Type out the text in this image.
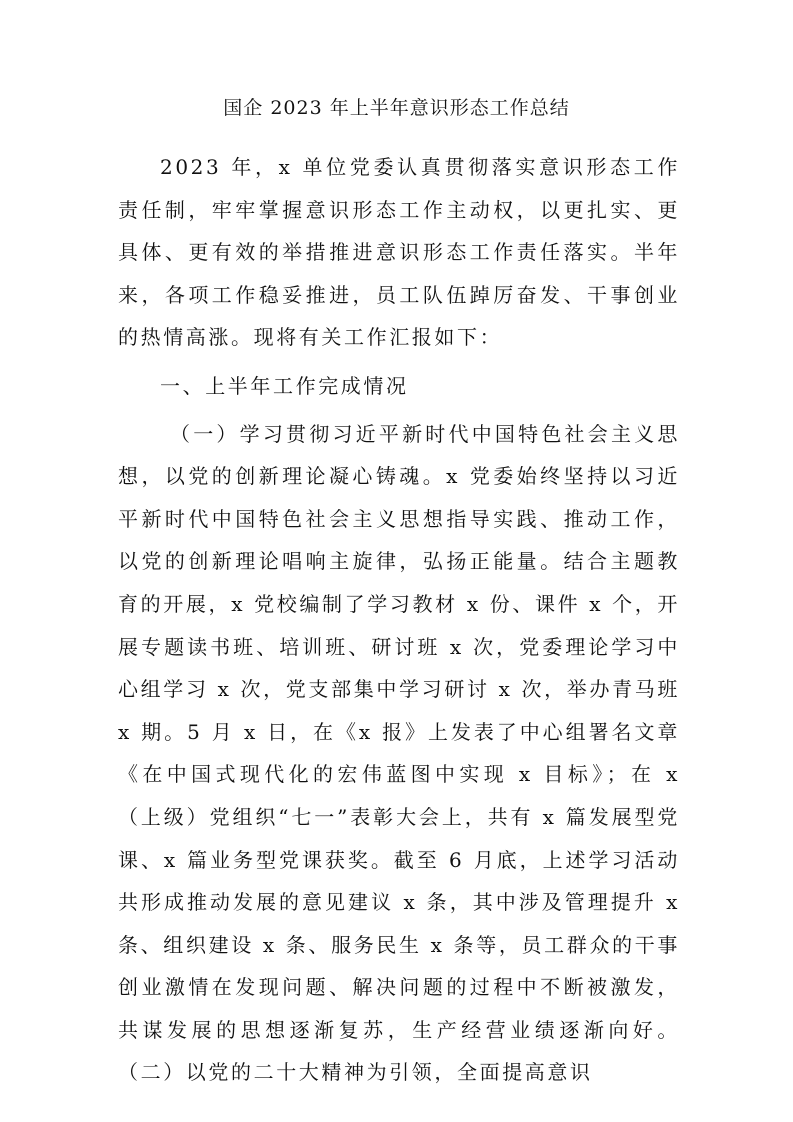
国企 2023 年上半年意识形态工作总结

2023 年，x 单位党委认真贯彻落实意识形态工作责任制，牢牢掌握意识形态工作主动权，以更扎实、更具体、更有效的举措推进意识形态工作责任落实。半年来，各项工作稳妥推进，员工队伍踔厉奋发、干事创业的热情高涨。现将有关工作汇报如下：

一、上半年工作完成情况

（一）学习贯彻习近平新时代中国特色社会主义思想，以党的创新理论凝心铸魂。x 党委始终坚持以习近平新时代中国特色社会主义思想指导实践、推动工作，以党的创新理论唱响主旋律，弘扬正能量。结合主题教育的开展，x 党校编制了学习教材 x 份、课件 x 个，开展专题读书班、培训班、研讨班 x 次，党委理论学习中心组学习 x 次，党支部集中学习研讨 x 次，举办青马班 x 期。5 月 x 日，在《x 报》上发表了中心组署名文章《在中国式现代化的宏伟蓝图中实现 x 目标》；在 x（上级）党组织“七一”表彰大会上，共有 x 篇发展型党课、x 篇业务型党课获奖。截至 6 月底，上述学习活动共形成推动发展的意见建议 x 条，其中涉及管理提升 x 条、组织建设 x 条、服务民生 x 条等，员工群众的干事创业激情在发现问题、解决问题的过程中不断被激发，共谋发展的思想逐渐复苏，生产经营业绩逐渐向好。 （二）以党的二十大精神为引领，全面提高意识
